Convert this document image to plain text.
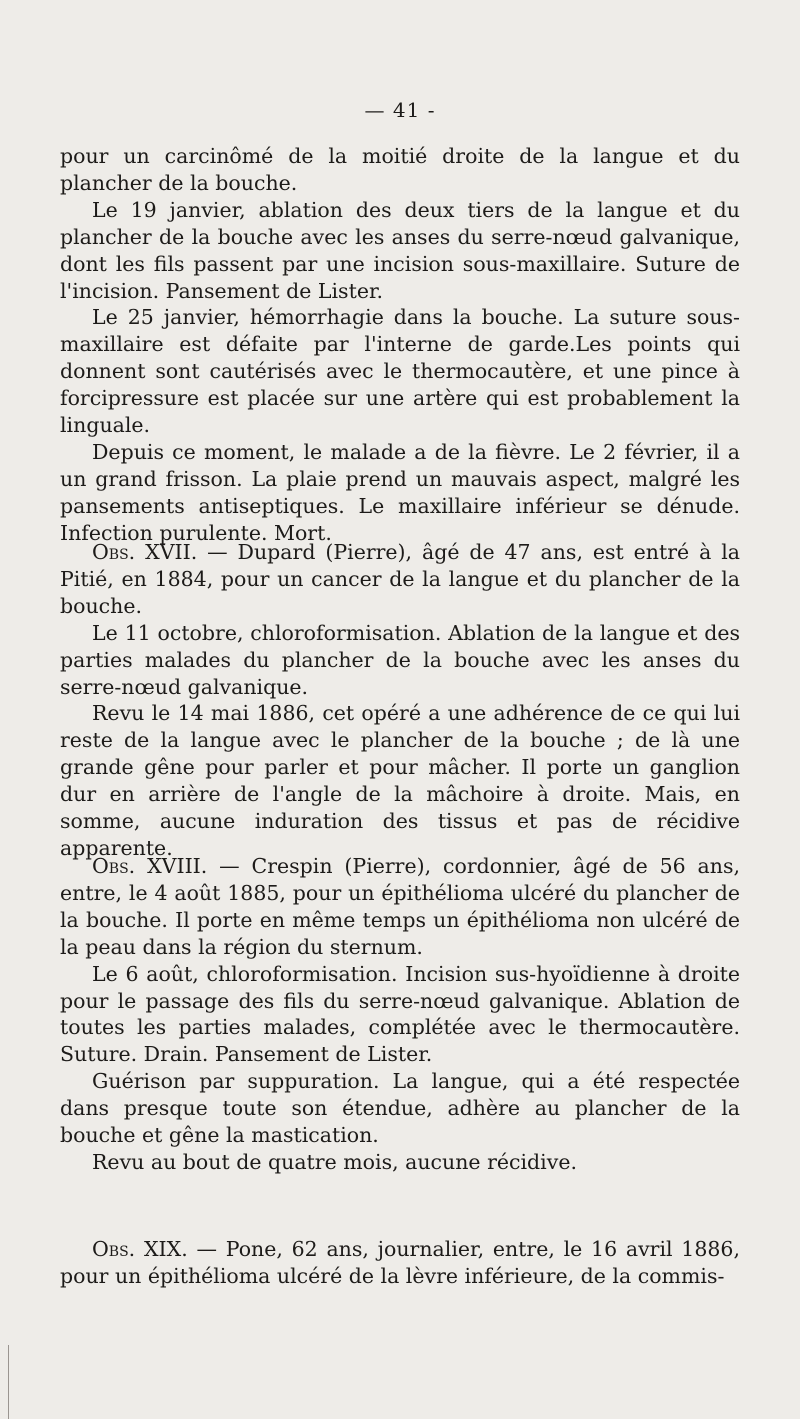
— 41 -

pour un carcinômé de la moitié droite de la langue et du plancher de la bouche.

Le 19 janvier, ablation des deux tiers de la langue et du plancher de la bouche avec les anses du serre-nœud galvanique, dont les fils passent par une incision sous-maxillaire. Suture de l'incision. Pansement de Lister.

Le 25 janvier, hémorrhagie dans la bouche. La suture sous-maxillaire est défaite par l'interne de garde.Les points qui donnent sont cautérisés avec le thermocautère, et une pince à forcipressure est placée sur une artère qui est probablement la linguale.

Depuis ce moment, le malade a de la fièvre. Le 2 février, il a un grand frisson. La plaie prend un mauvais aspect, malgré les pansements antiseptiques. Le maxillaire inférieur se dénude. Infection purulente. Mort.

Obs. XVII. — Dupard (Pierre), âgé de 47 ans, est entré à la Pitié, en 1884, pour un cancer de la langue et du plancher de la bouche.

Le 11 octobre, chloroformisation. Ablation de la langue et des parties malades du plancher de la bouche avec les anses du serre-nœud galvanique.

Revu le 14 mai 1886, cet opéré a une adhérence de ce qui lui reste de la langue avec le plancher de la bouche ; de là une grande gêne pour parler et pour mâcher. Il porte un ganglion dur en arrière de l'angle de la mâchoire à droite. Mais, en somme, aucune induration des tissus et pas de récidive apparente.

Obs. XVIII. — Crespin (Pierre), cordonnier, âgé de 56 ans, entre, le 4 août 1885, pour un épithélioma ulcéré du plancher de la bouche. Il porte en même temps un épithélioma non ulcéré de la peau dans la région du sternum.

Le 6 août, chloroformisation. Incision sus-hyoïdienne à droite pour le passage des fils du serre-nœud galvanique. Ablation de toutes les parties malades, complétée avec le thermocautère. Suture. Drain. Pansement de Lister.

Guérison par suppuration. La langue, qui a été respectée dans presque toute son étendue, adhère au plancher de la bouche et gêne la mastication.

Revu au bout de quatre mois, aucune récidive.

Obs. XIX. — Pone, 62 ans, journalier, entre, le 16 avril 1886, pour un épithélioma ulcéré de la lèvre inférieure, de la commis-
